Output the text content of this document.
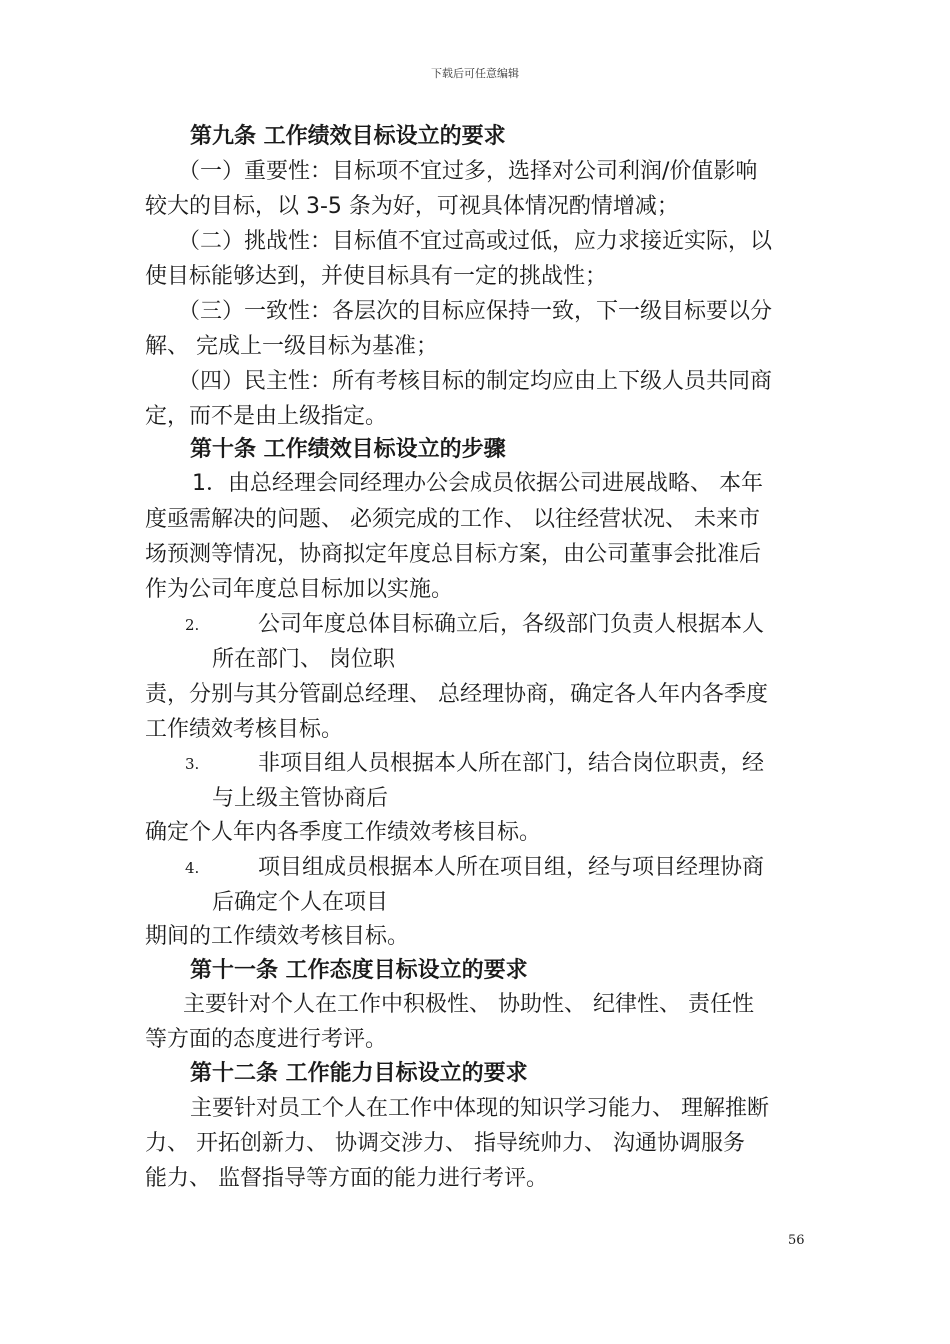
下载后可任意编辑
第九条 工作绩效目标设立的要求
（一）重要性：目标项不宜过多，选择对公司利润/价值影响
较大的目标，以 3-5 条为好，可视具体情况酌情增减；
（二）挑战性：目标值不宜过高或过低，应力求接近实际，以
使目标能够达到，并使目标具有一定的挑战性；
（三）一致性：各层次的目标应保持一致，下一级目标要以分
解、 完成上一级目标为基准；
（四）民主性：所有考核目标的制定均应由上下级人员共同商
定，而不是由上级指定。
第十条 工作绩效目标设立的步骤
1．由总经理会同经理办公会成员依据公司进展战略、 本年
度亟需解决的问题、 必须完成的工作、 以往经营状况、 未来市
场预测等情况，协商拟定年度总目标方案，由公司董事会批准后
作为公司年度总目标加以实施。
2.	公司年度总体目标确立后，各级部门负责人根据本人
所在部门、 岗位职
责，分别与其分管副总经理、 总经理协商，确定各人年内各季度
工作绩效考核目标。
3.	非项目组人员根据本人所在部门，结合岗位职责，经
与上级主管协商后
确定个人年内各季度工作绩效考核目标。
4.	项目组成员根据本人所在项目组，经与项目经理协商
后确定个人在项目
期间的工作绩效考核目标。
第十一条 工作态度目标设立的要求
主要针对个人在工作中积极性、 协助性、 纪律性、 责任性
等方面的态度进行考评。
第十二条 工作能力目标设立的要求
主要针对员工个人在工作中体现的知识学习能力、 理解推断
力、 开拓创新力、 协调交涉力、 指导统帅力、 沟通协调服务
能力、 监督指导等方面的能力进行考评。
56
